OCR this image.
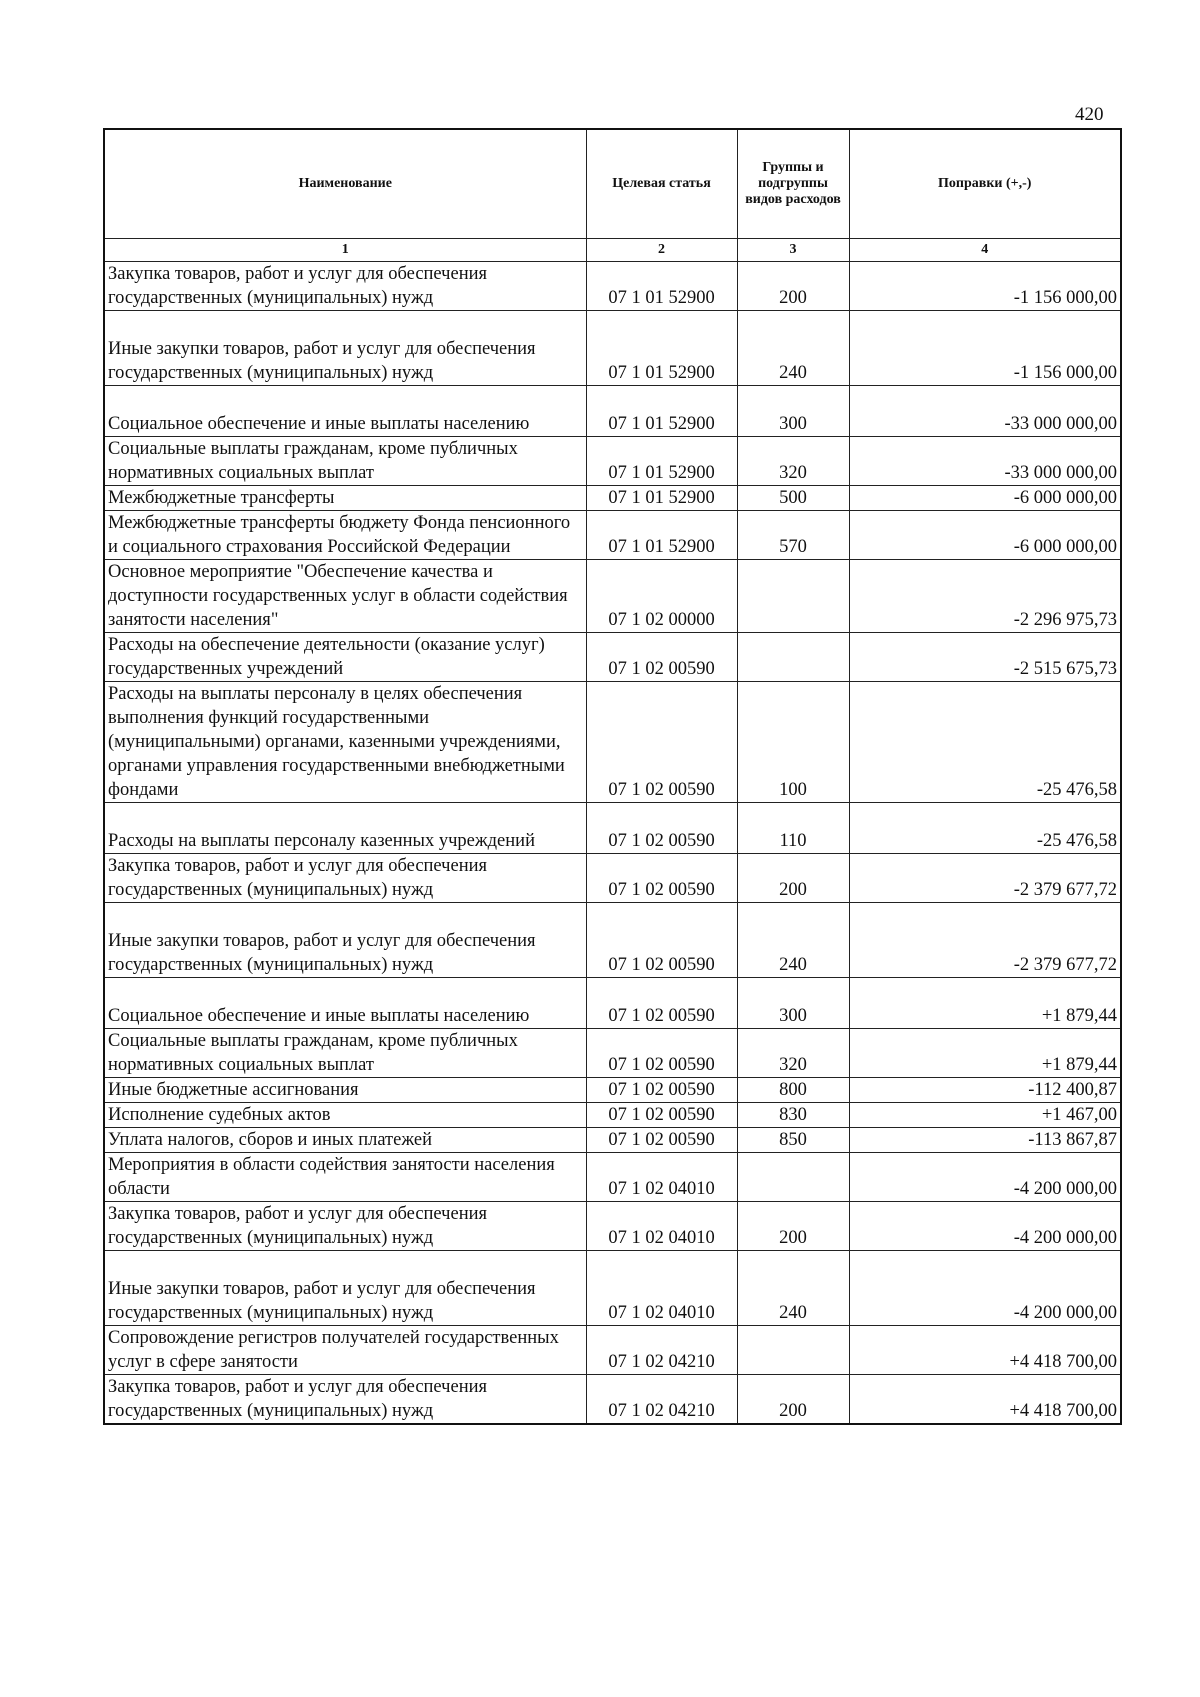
420
Наименование	Целевая статья	Группы и подгруппы видов расходов	Поправки (+,-)
1	2	3	4
Закупка товаров, работ и услуг для обеспечения государственных (муниципальных) нужд	07 1 01 52900	200	-1 156 000,00
Иные закупки товаров, работ и услуг для обеспечения государственных (муниципальных) нужд	07 1 01 52900	240	-1 156 000,00
Социальное обеспечение и иные выплаты населению	07 1 01 52900	300	-33 000 000,00
Социальные выплаты гражданам, кроме публичных нормативных социальных выплат	07 1 01 52900	320	-33 000 000,00
Межбюджетные трансферты	07 1 01 52900	500	-6 000 000,00
Межбюджетные трансферты бюджету Фонда пенсионного и социального страхования Российской Федерации	07 1 01 52900	570	-6 000 000,00
Основное мероприятие "Обеспечение качества и доступности государственных услуг в области содействия занятости населения"	07 1 02 00000		-2 296 975,73
Расходы на обеспечение деятельности (оказание услуг) государственных учреждений	07 1 02 00590		-2 515 675,73
Расходы на выплаты персоналу в целях обеспечения выполнения функций государственными (муниципальными) органами, казенными учреждениями, органами управления государственными внебюджетными фондами	07 1 02 00590	100	-25 476,58
Расходы на выплаты персоналу казенных учреждений	07 1 02 00590	110	-25 476,58
Закупка товаров, работ и услуг для обеспечения государственных (муниципальных) нужд	07 1 02 00590	200	-2 379 677,72
Иные закупки товаров, работ и услуг для обеспечения государственных (муниципальных) нужд	07 1 02 00590	240	-2 379 677,72
Социальное обеспечение и иные выплаты населению	07 1 02 00590	300	+1 879,44
Социальные выплаты гражданам, кроме публичных нормативных социальных выплат	07 1 02 00590	320	+1 879,44
Иные бюджетные ассигнования	07 1 02 00590	800	-112 400,87
Исполнение судебных актов	07 1 02 00590	830	+1 467,00
Уплата налогов, сборов и иных платежей	07 1 02 00590	850	-113 867,87
Мероприятия в области содействия занятости населения области	07 1 02 04010		-4 200 000,00
Закупка товаров, работ и услуг для обеспечения государственных (муниципальных) нужд	07 1 02 04010	200	-4 200 000,00
Иные закупки товаров, работ и услуг для обеспечения государственных (муниципальных) нужд	07 1 02 04010	240	-4 200 000,00
Сопровождение регистров получателей государственных услуг в сфере занятости	07 1 02 04210		+4 418 700,00
Закупка товаров, работ и услуг для обеспечения государственных (муниципальных) нужд	07 1 02 04210	200	+4 418 700,00
